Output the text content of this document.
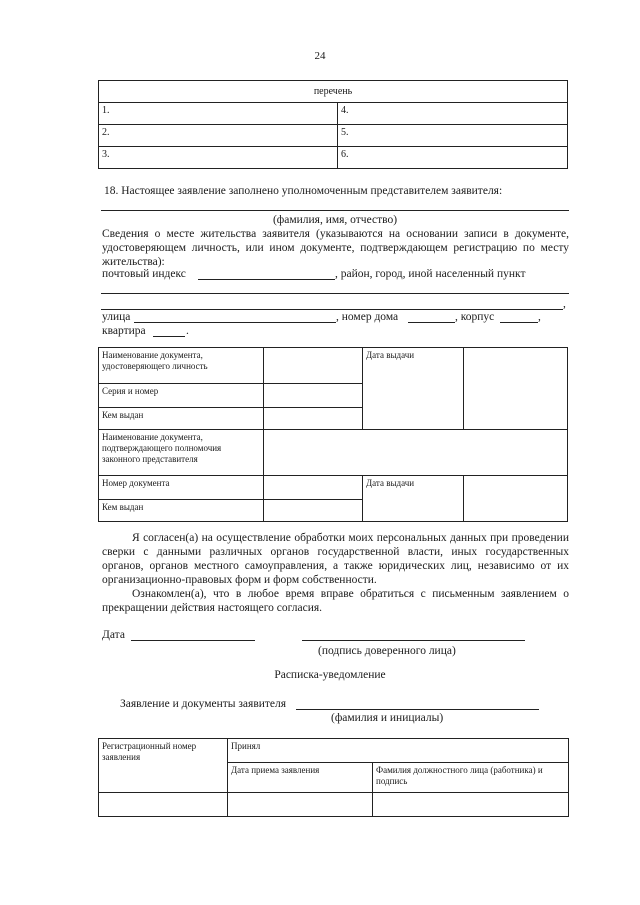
24
перечень	
1.	4.
2.	5.
3.	6.
18. Настоящее заявление заполнено уполномоченным представителем заявителя:
(фамилия, имя, отчество)
Сведения о месте жительства заявителя (указываются на основании записи в документе, удостоверяющем личность, или ином документе, подтверждающем регистрацию по месту жительства):
почтовый индекс	, район, город, иной населенный пункт
,
улица	, номер дома	, корпус	,
квартира	.
Наименование документа, удостоверяющего личность		Дата выдачи	
Серия и номер			
Кем выдан			
Наименование документа, подтверждающего полномочия законного представителя			
Номер документа		Дата выдачи	
Кем выдан			
Я согласен(а) на осуществление обработки моих персональных данных при проведении сверки с данными различных органов государственной власти, иных государственных органов, органов местного самоуправления, а также юридических лиц, независимо от их организационно-правовых форм и форм собственности.
Ознакомлен(а), что в любое время вправе обратиться с письменным заявлением о прекращении действия настоящего согласия.
Дата
(подпись доверенного лица)
Расписка-уведомление
Заявление и документы заявителя
(фамилия и инициалы)
Регистрационный номер заявления	Принял	
	Дата приема заявления	Фамилия должностного лица (работника) и подпись
